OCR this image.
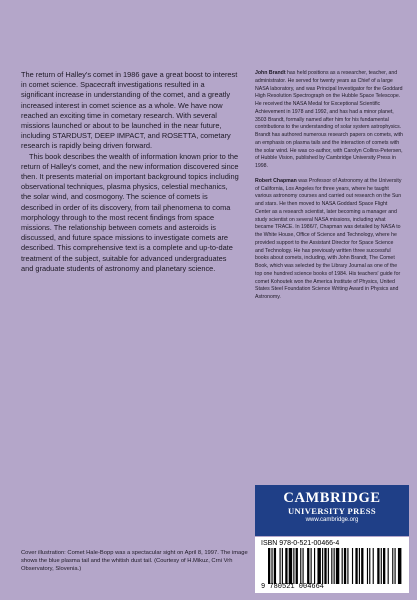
The return of Halley's comet in 1986 gave a great boost to interest in comet science. Spacecraft investigations resulted in a significant increase in understanding of the comet, and a greatly increased interest in comet science as a whole. We have now reached an exciting time in cometary research. With several missions launched or about to be launched in the near future, including STARDUST, DEEP IMPACT, and ROSETTA, cometary research is rapidly being driven forward.

This book describes the wealth of information known prior to the return of Halley's comet, and the new information discovered since then. It presents material on important background topics including observational techniques, plasma physics, celestial mechanics, the solar wind, and cosmogony. The science of comets is described in order of its discovery, from tail phenomena to coma morphology through to the most recent findings from space missions. The relationship between comets and asteroids is discussed, and future space missions to investigate comets are described. This comprehensive text is a complete and up-to-date treatment of the subject, suitable for advanced undergraduates and graduate students of astronomy and planetary science.

John Brandt has held positions as a researcher, teacher, and administrator. He served for twenty years as Chief of a large NASA laboratory, and was Principal Investigator for the Goddard High Resolution Spectrograph on the Hubble Space Telescope. He received the NASA Medal for Exceptional Scientific Achievement in 1978 and 1992, and has had a minor planet, 3503 Brandt, formally named after him for his fundamental contributions to the understanding of solar system astrophysics. Brandt has authored numerous research papers on comets, with an emphasis on plasma tails and the interaction of comets with the solar wind. He was co-author, with Carolyn Collins-Petersen, of Hubble Vision, published by Cambridge University Press in 1998.

Robert Chapman was Professor of Astronomy at the University of California, Los Angeles for three years, where he taught various astronomy courses and carried out research on the Sun and stars. He then moved to NASA Goddard Space Flight Center as a research scientist, later becoming a manager and study scientist on several NASA missions, including what became TRACE. In 1986/7, Chapman was detailed by NASA to the White House, Office of Science and Technology, where he provided support to the Assistant Director for Space Science and Technology. He has previously written three successful books about comets, including, with John Brandt, The Comet Book, which was selected by the Library Journal as one of the top one hundred science books of 1984. His teachers' guide for comet Kohoutek won the America Institute of Physics, United States Steel Foundation Science Writing Award in Physics and Astronomy.

CAMBRIDGE
UNIVERSITY PRESS
www.cambridge.org
ISBN 978-0-521-00466-4
9 780521 004664
Cover illustration: Comet Hale-Bopp was a spectacular sight on April 8, 1997. The image shows the blue plasma tail and the whitish dust tail. (Courtesy of H.Mikuz, Crni Vrh Observatory, Slovenia.)
